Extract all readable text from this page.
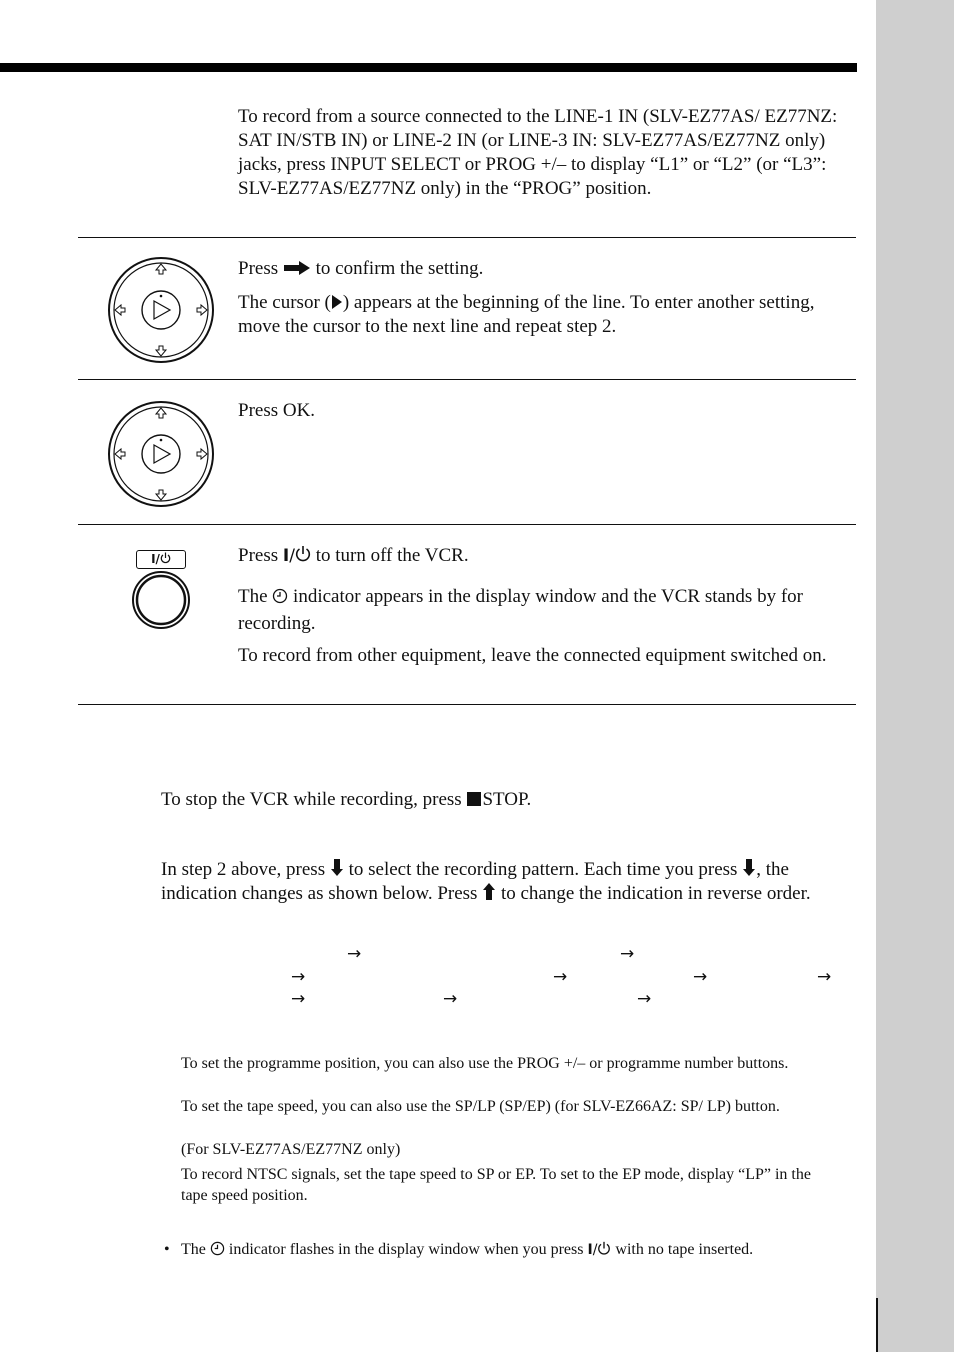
To record from a source connected to the LINE-1 IN (SLV-EZ77AS/ EZ77NZ: SAT IN/STB IN) or LINE-2 IN (or LINE-3 IN: SLV-EZ77AS/EZ77NZ only) jacks, press INPUT SELECT or PROG +/– to display “L1” or “L2” (or “L3”: SLV-EZ77AS/EZ77NZ only) in the “PROG” position.

Press to confirm the setting.

The cursor ( ) appears at the beginning of the line. To enter another setting, move the cursor to the next line and repeat step 2.

Press OK.

I/	Press I/ to turn off the VCR.

The indicator appears in the display window and the VCR stands by for recording.

To record from other equipment, leave the connected equipment switched on.

To stop the VCR while recording, press STOP.

In step 2 above, press to select the recording pattern. Each time you press , the indication changes as shown below. Press to change the indication in reverse order.

→	→
→	→	→	→
→	→	→

To set the programme position, you can also use the PROG +/– or programme number buttons.

To set the tape speed, you can also use the SP/LP (SP/EP) (for SLV-EZ66AZ: SP/ LP) button.

(For SLV-EZ77AS/EZ77NZ only)

To record NTSC signals, set the tape speed to SP or EP. To set to the EP mode, display “LP” in the tape speed position.

• The indicator flashes in the display window when you press I/ with no tape inserted.
